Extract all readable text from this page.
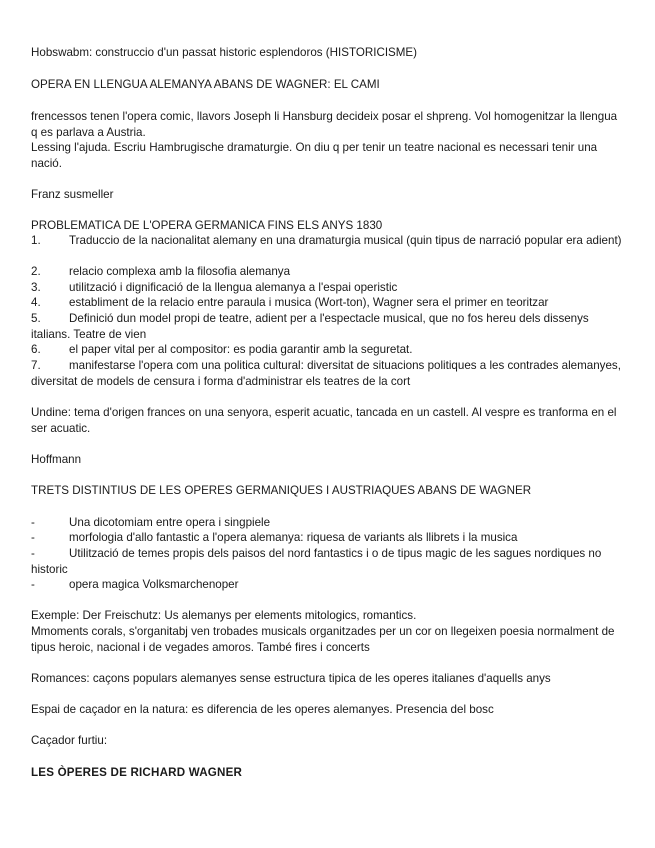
Hobswabm: construccio d'un passat historic esplendoros (HISTORICISME)
OPERA EN LLENGUA ALEMANYA ABANS DE WAGNER: EL CAMI
frencessos tenen l'opera comic, llavors Joseph li Hansburg decideix posar el shpreng. Vol homogenitzar la llengua q es parlava a Austria.
Lessing l'ajuda. Escriu Hambrugische dramaturgie. On diu q per tenir un teatre nacional es necessari tenir una nació.
Franz susmeller
PROBLEMATICA DE L'OPERA GERMANICA FINS ELS ANYS 1830
1. Traduccio de la nacionalitat alemany en una dramaturgia musical (quin tipus de narració popular era adient)
2. relacio complexa amb la filosofia alemanya
3. utilització i dignificació de la llengua alemanya a l'espai operistic
4. establiment de la relacio entre paraula i musica (Wort-ton), Wagner sera el primer en teoritzar
5. Definició dun model propi de teatre, adient per a l'espectacle musical, que no fos hereu dels dissenys italians. Teatre de vien
6. el paper vital per al compositor: es podia garantir amb la seguretat.
7. manifestarse l'opera com una politica cultural: diversitat de situacions politiques a les contrades alemanyes, diversitat de models de censura i forma d'administrar els teatres de la cort
Undine: tema d'origen frances on una senyora, esperit acuatic, tancada en un castell. Al vespre es tranforma en el ser acuatic.
Hoffmann
TRETS DISTINTIUS DE LES OPERES GERMANIQUES I AUSTRIAQUES ABANS DE WAGNER
-	Una dicotomiam entre opera i singpiele
-	morfologia d'allo fantastic a l'opera alemanya: riquesa de variants als llibrets i la musica
-	Utilització de temes propis dels paisos del nord fantastics i o de tipus magic de les sagues nordiques no historic
-	opera magica Volksmarchenoper
Exemple: Der Freischutz: Us alemanys per elements mitologics, romantics.
Mmoments corals, s'organitabj ven trobades musicals organitzades per un cor on llegeixen poesia normalment de tipus heroic, nacional i de vegades amoros. També fires i concerts
Romances: caçons populars alemanyes sense estructura tipica de les operes italianes d'aquells anys
Espai de caçador en la natura: es diferencia de les operes alemanyes. Presencia del bosc
Caçador furtiu:
LES ÒPERES DE RICHARD WAGNER
